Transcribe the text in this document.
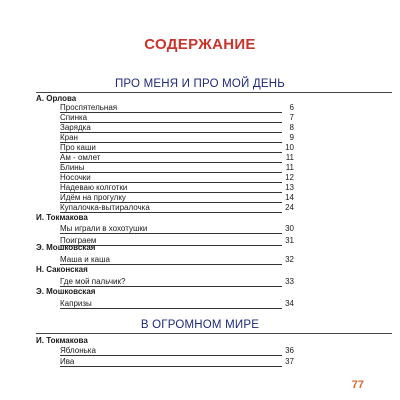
СОДЕРЖАНИЕ
ПРО МЕНЯ И ПРО МОЙ ДЕНЬ
А. Орлова
Проспятельная	6
Спинка	7
Зарядка	8
Кран	9
Про каши	10
Ам - омлет	11
Блины	11
Носочки	12
Надеваю колготки	13
Идём на прогулку	14
Купалочка-вытиралочка	24
И. Токмакова
Мы играли в хохотушки	30
Поиграем	31
Э. Мошковская
Маша и каша	32
Н. Саконская
Где мой пальчик?	33
Э. Мошковская
Капризы	34
В ОГРОМНОМ МИРЕ
И. Токмакова
Яблонька	36
Ива	37
77
